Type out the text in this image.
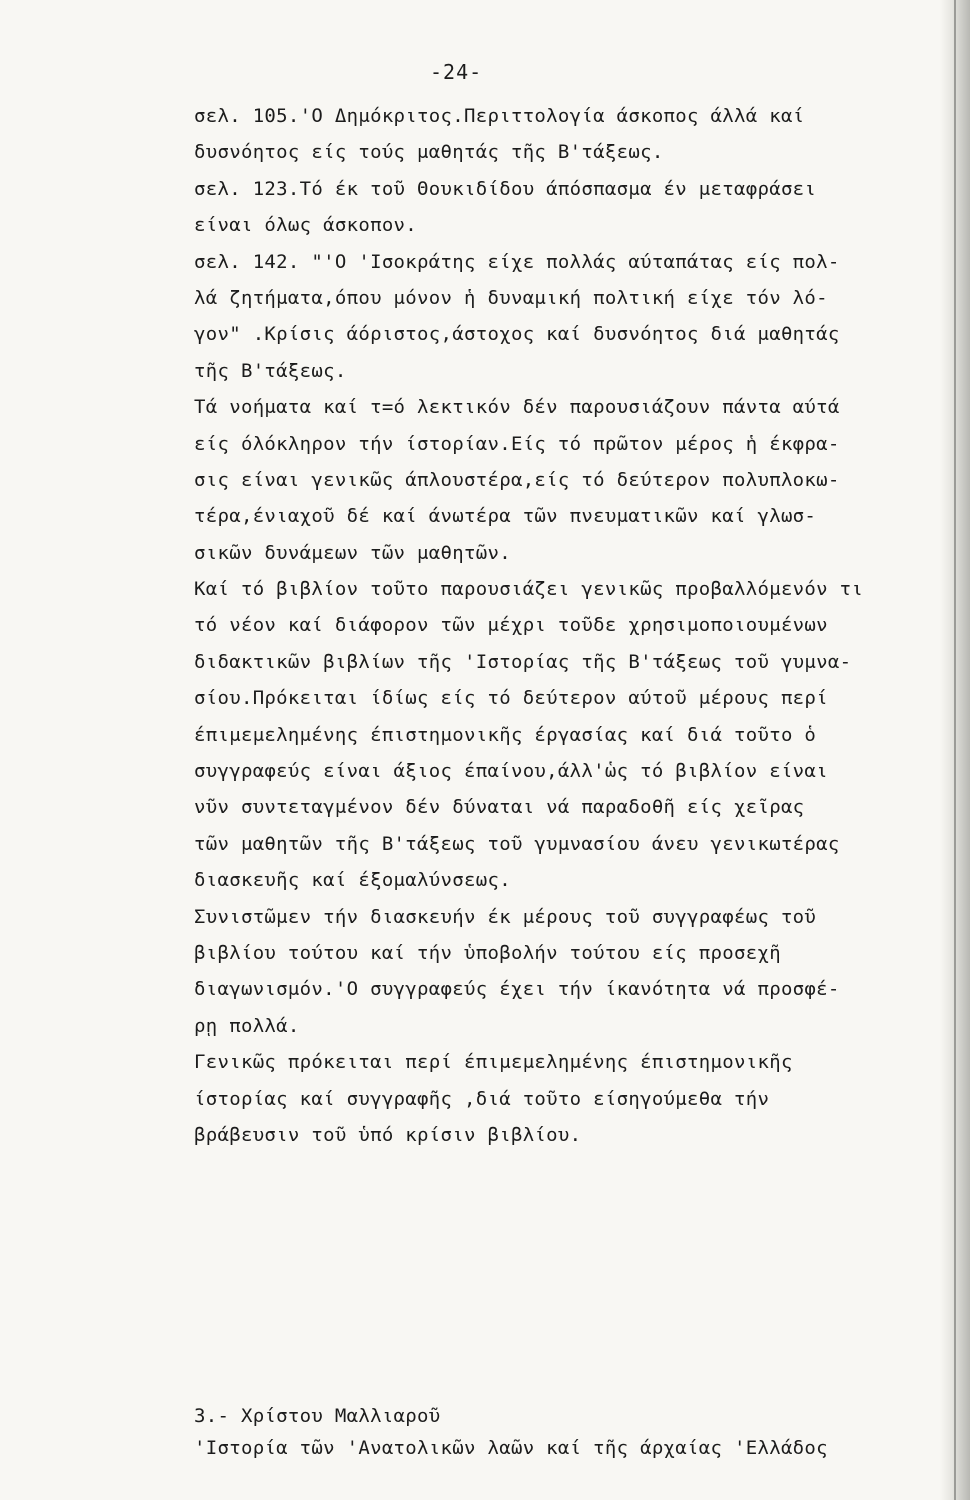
-24-
σελ. 105.'Ο Δημόκριτος.Περιττολογία άσκοπος άλλά καί
δυσνόητος είς τούς μαθητάς τῆς Β'τάξεως.
σελ. 123.Τό έκ τοῦ Θουκιδίδου άπόσπασμα έν μεταφράσει
είναι όλως άσκοπον.
σελ. 142. "'Ο 'Ισοκράτης είχε πολλάς αύταπάτας είς πολ-
λά ζητήματα,όπου μόνον ἡ δυναμική πολτική είχε τόν λό-
γον" .Κρίσις άόριστος,άστοχος καί δυσνόητος διά μαθητάς
τῆς Β'τάξεως.
Τά νοήματα καί τ=ό λεκτικόν δέν παρουσιάζουν πάντα αύτά
είς όλόκληρον τήν ίστορίαν.Είς τό πρῶτον μέρος ἡ έκφρα-
σις είναι γενικῶς άπλουστέρα,είς τό δεύτερον πολυπλοκω-
τέρα,ένιαχοῦ δέ καί άνωτέρα τῶν πνευματικῶν καί γλωσ-
σικῶν δυνάμεων τῶν μαθητῶν.
Καί τό βιβλίον τοῦτο παρουσιάζει γενικῶς προβαλλόμενόν τι
τό νέον καί διάφορον τῶν μέχρι τοῦδε χρησιμοποιουμένων
διδακτικῶν βιβλίων τῆς 'Ιστορίας τῆς Β'τάξεως τοῦ γυμνα-
σίου.Πρόκειται ίδίως είς τό δεύτερον αύτοῦ μέρους περί
έπιμεμελημένης έπιστημονικῆς έργασίας καί διά τοῦτο ὁ
συγγραφεύς είναι άξιος έπαίνου,άλλ'ὡς τό βιβλίον είναι
νῦν συντεταγμένον δέν δύναται νά παραδοθῆ είς χεῖρας
τῶν μαθητῶν τῆς Β'τάξεως τοῦ γυμνασίου άνευ γενικωτέρας
διασκευῆς καί έξομαλύνσεως.
Συνιστῶμεν τήν διασκευήν έκ μέρους τοῦ συγγραφέως τοῦ
βιβλίου τούτου καί τήν ὑποβολήν τούτου είς προσεχῆ
διαγωνισμόν.'Ο συγγραφεύς έχει τήν ίκανότητα νά προσφέ-
ρῃ πολλά.
Γενικῶς πρόκειται περί έπιμεμελημένης έπιστημονικῆς
ίστορίας καί συγγραφῆς ,διά τοῦτο είσηγούμεθα τήν
βράβευσιν τοῦ ὑπό κρίσιν βιβλίου.
3.- Χρίστου Μαλλιαροῦ
'Ιστορία τῶν 'Ανατολικῶν λαῶν καί τῆς άρχαίας 'Ελλάδος
